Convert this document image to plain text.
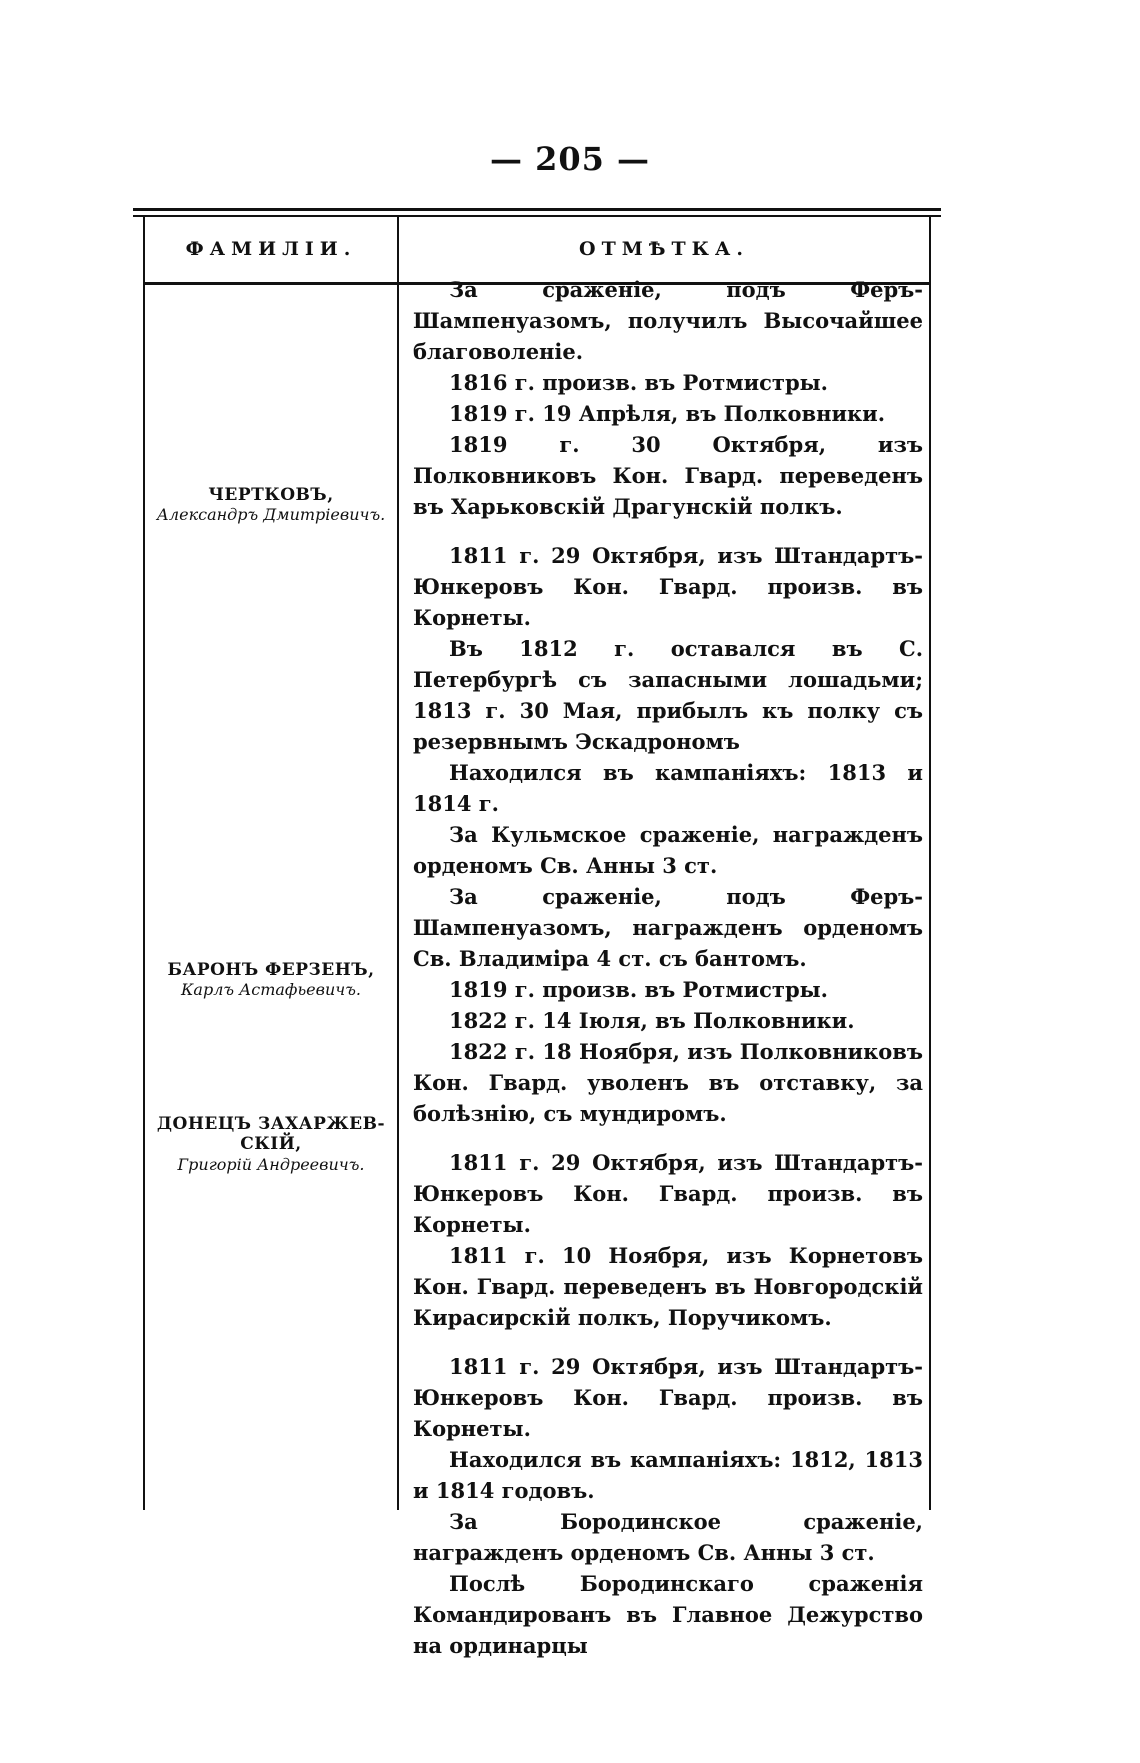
— 205 —
ФАМИЛІИ.	ОТМѢТКА.
ЧЕРТКОВЪ,
Александръ Дмитріевичъ.
БАРОНЪ ФЕРЗЕНЪ,
Карлъ Астафьевичъ.
ДОНЕЦЪ ЗАХАРЖЕВ-
СКІЙ,
Григорій Андреевичъ.

За сраженіе, подъ Феръ-Шампенуазомъ, получилъ Высочайшее благоволеніе.

1816 г. произв. въ Ротмистры.

1819 г. 19 Апрѣля, въ Полковники.

1819 г. 30 Октября, изъ Полковниковъ Кон. Гвард. переведенъ въ Харьковскій Драгунскій полкъ.

1811 г. 29 Октября, изъ Штандартъ-Юнкеровъ Кон. Гвард. произв. въ Корнеты.

Въ 1812 г. оставался въ С. Петербургѣ съ запасными лошадьми; 1813 г. 30 Мая, прибылъ къ полку съ резервнымъ Эскадрономъ

Находился въ кампаніяхъ: 1813 и 1814 г.

За Кульмское сраженіе, награжденъ орденомъ Св. Анны 3 ст.

За сраженіе, подъ Феръ-Шампенуазомъ, награжденъ орденомъ Св. Владиміра 4 ст. съ бантомъ.

1819 г. произв. въ Ротмистры.

1822 г. 14 Іюля, въ Полковники.

1822 г. 18 Ноября, изъ Полковниковъ Кон. Гвард. уволенъ въ отставку, за болѣзнію, съ мундиромъ.

1811 г. 29 Октября, изъ Штандартъ-Юнкеровъ Кон. Гвард. произв. въ Корнеты.

1811 г. 10 Ноября, изъ Корнетовъ Кон. Гвард. переведенъ въ Новгородскій Кирасирскій полкъ, Поручикомъ.

1811 г. 29 Октября, изъ Штандартъ-Юнкеровъ Кон. Гвард. произв. въ Корнеты.

Находился въ кампаніяхъ: 1812, 1813 и 1814 годовъ.

За Бородинское сраженіе, награжденъ орденомъ Св. Анны 3 ст.

Послѣ Бородинскаго сраженія Командированъ въ Главное Дежурство на ординарцы
